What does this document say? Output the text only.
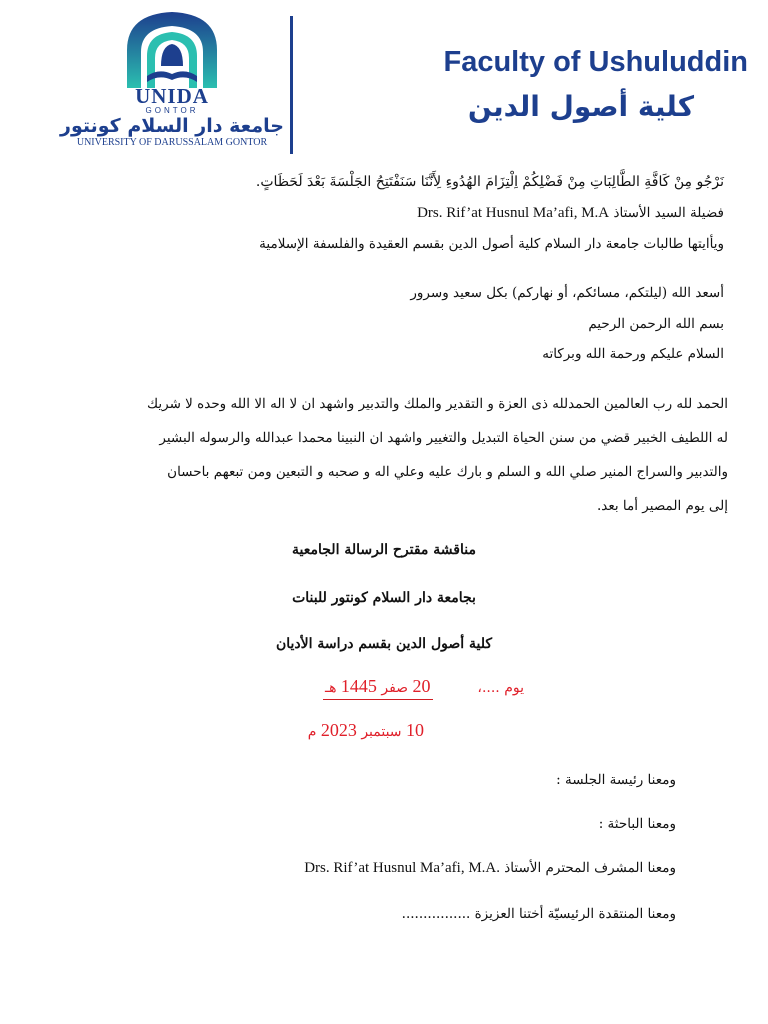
UNIDA
GONTOR
جامعة دار السلام كونتور
UNIVERSITY OF DARUSSALAM GONTOR
Faculty of Ushuluddin
كلية أصول الدين
نَرْجُو مِنْ كَافَّةِ الطَّالِبَاتِ مِنْ فَضْلِكُمْ اِلْتِزَامَ الهُدُوءِ لِأَنَّنَا سَنَفْتَتِحُ الجَلْسَةَ بَعْدَ لَحَظَاتٍ.
فضيلة السيد الأستاذ Drs. Rif’at Husnul Ma’afi, M.A
ويأايتها طالبات جامعة دار السلام كلية أصول الدين بقسم العقيدة والفلسفة الإسلامية
أسعد الله (ليلتكم، مسائكم، أو نهاركم) بكل سعيد وسرور
بسم الله الرحمن الرحيم
السلام عليكم ورحمة الله وبركاته
الحمد لله رب العالمين الحمدلله ذى العزة و التقدير والملك والتدبير واشهد ان لا اله الا الله وحده لا شريك
له اللطيف الخبير قضي من سنن الحياة التبديل والتغيير واشهد ان النبينا محمدا عبدالله والرسوله البشير
والتدبير والسراج المنير صلي الله و السلم و بارك عليه وعلي اله و صحبه و التبعين ومن تبعهم باحسان
إلى يوم المصير أما بعد.
مناقشة مقترح الرسالة الجامعية
بجامعة دار السلام كونتور للبنات
كلية أصول الدين بقسم دراسة الأديان
يوم ....،  20 صفر 1445 هـ
10 سبتمبر 2023 م
ومعنا رئيسة الجلسة :
ومعنا الباحثة :
ومعنا المشرف المحترم الأستاذ Drs. Rif’at Husnul Ma’afi, M.A.
ومعنا المنتقدة الرئيسيّة أختنا العزيزة ................
